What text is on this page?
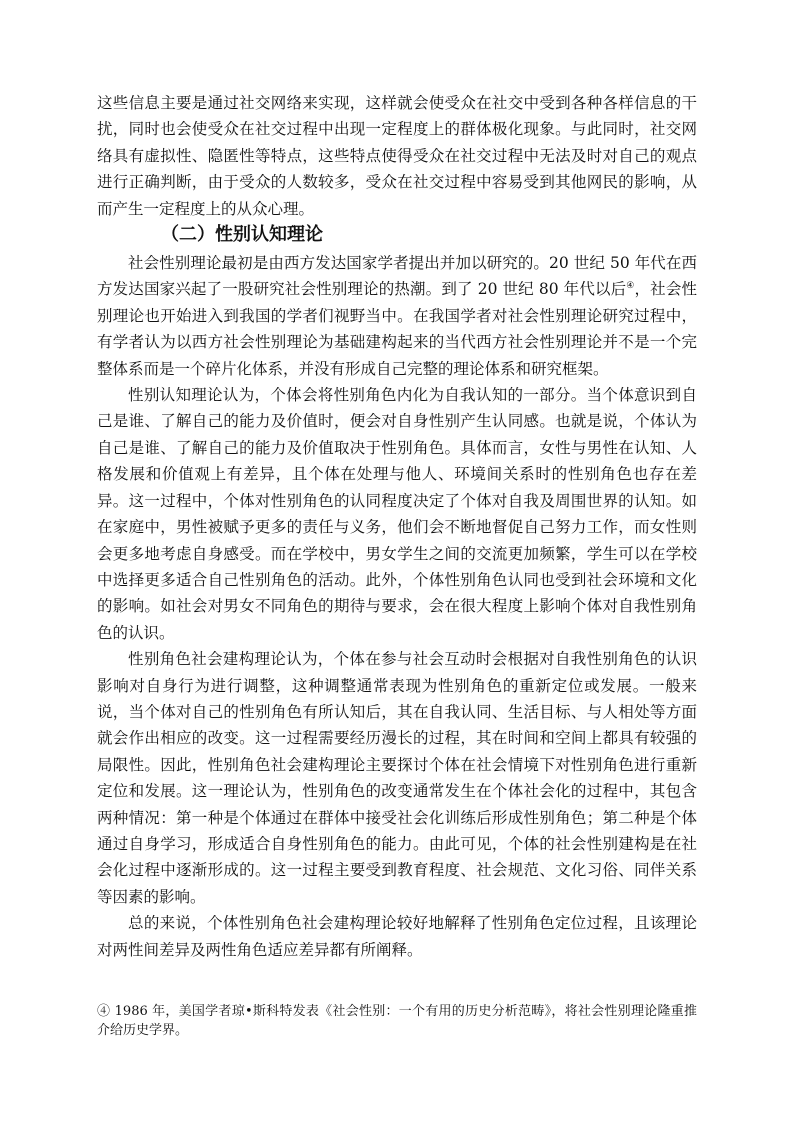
这些信息主要是通过社交网络来实现，这样就会使受众在社交中受到各种各样信息的干扰，同时也会使受众在社交过程中出现一定程度上的群体极化现象。与此同时，社交网络具有虚拟性、隐匿性等特点，这些特点使得受众在社交过程中无法及时对自己的观点进行正确判断，由于受众的人数较多，受众在社交过程中容易受到其他网民的影响，从而产生一定程度上的从众心理。

（二）性别认知理论

社会性别理论最初是由西方发达国家学者提出并加以研究的。20 世纪 50 年代在西方发达国家兴起了一股研究社会性别理论的热潮。到了 20 世纪 80 年代以后④，社会性别理论也开始进入到我国的学者们视野当中。在我国学者对社会性别理论研究过程中，有学者认为以西方社会性别理论为基础建构起来的当代西方社会性别理论并不是一个完整体系而是一个碎片化体系，并没有形成自己完整的理论体系和研究框架。

性别认知理论认为，个体会将性别角色内化为自我认知的一部分。当个体意识到自己是谁、了解自己的能力及价值时，便会对自身性别产生认同感。也就是说，个体认为自己是谁、了解自己的能力及价值取决于性别角色。具体而言，女性与男性在认知、人格发展和价值观上有差异，且个体在处理与他人、环境间关系时的性别角色也存在差异。这一过程中，个体对性别角色的认同程度决定了个体对自我及周围世界的认知。如在家庭中，男性被赋予更多的责任与义务，他们会不断地督促自己努力工作，而女性则会更多地考虑自身感受。而在学校中，男女学生之间的交流更加频繁，学生可以在学校中选择更多适合自己性别角色的活动。此外，个体性别角色认同也受到社会环境和文化的影响。如社会对男女不同角色的期待与要求，会在很大程度上影响个体对自我性别角色的认识。

性别角色社会建构理论认为，个体在参与社会互动时会根据对自我性别角色的认识影响对自身行为进行调整，这种调整通常表现为性别角色的重新定位或发展。一般来说，当个体对自己的性别角色有所认知后，其在自我认同、生活目标、与人相处等方面就会作出相应的改变。这一过程需要经历漫长的过程，其在时间和空间上都具有较强的局限性。因此，性别角色社会建构理论主要探讨个体在社会情境下对性别角色进行重新定位和发展。这一理论认为，性别角色的改变通常发生在个体社会化的过程中，其包含两种情况：第一种是个体通过在群体中接受社会化训练后形成性别角色；第二种是个体通过自身学习，形成适合自身性别角色的能力。由此可见，个体的社会性别建构是在社会化过程中逐渐形成的。这一过程主要受到教育程度、社会规范、文化习俗、同伴关系等因素的影响。

总的来说，个体性别角色社会建构理论较好地解释了性别角色定位过程，且该理论对两性间差异及两性角色适应差异都有所阐释。

④ 1986 年，美国学者琼•斯科特发表《社会性别：一个有用的历史分析范畴》，将社会性别理论隆重推介给历史学界。
